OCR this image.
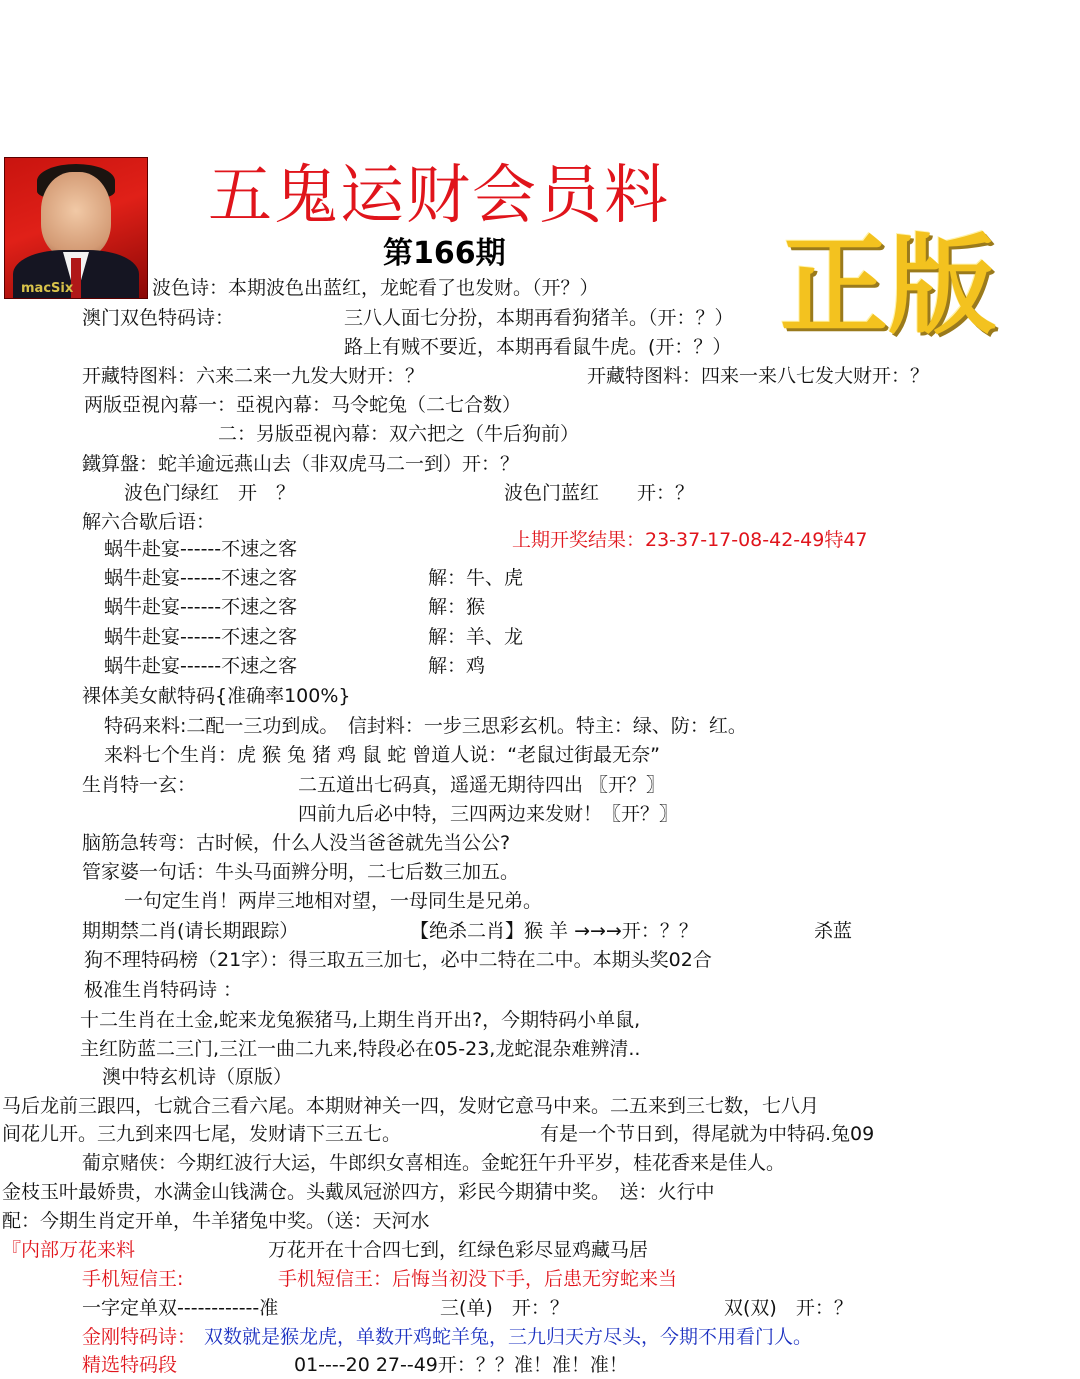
macSix
五鬼运财会员料
第166期	正版
波色诗：本期波色出蓝红，龙蛇看了也发财。（开？）
澳门双色特码诗：	三八人面七分扮，本期再看狗猪羊。（开：？）
路上有贼不要近，本期再看鼠牛虎。(开：？）
开藏特图料：六来二来一九发大财开：？	开藏特图料：四来一来八七发大财开：？
两版亞視內幕一：亞視內幕：马令蛇兔（二七合数）
二：另版亞視內幕：双六把之（牛后狗前）
鐵算盤：蛇羊逾远燕山去（非双虎马二一到）开：？
波色门绿红　开　？	波色门蓝红　　开：？
解六合歇后语：
上期开奖结果：23-37-17-08-42-49特47
蜗牛赴宴------不速之客
蜗牛赴宴------不速之客	解：牛、虎
蜗牛赴宴------不速之客	解：猴
蜗牛赴宴------不速之客	解：羊、龙
蜗牛赴宴------不速之客	解：鸡
裸体美女献特码{准确率100%}
特码来料:二配一三功到成。　信封料：一步三思彩玄机。特主：绿、防：红。
来料七个生肖：虎 猴 兔 猪 鸡 鼠 蛇 曾道人说：“老鼠过街最无奈”
生肖特一玄：	二五道出七码真，遥遥无期待四出 〖开？〗
四前九后必中特，三四两边来发财！〖开？〗
脑筋急转弯：古时候，什么人没当爸爸就先当公公?
管家婆一句话：牛头马面辨分明，二七后数三加五。
一句定生肖！两岸三地相对望，一母同生是兄弟。
期期禁二肖(请长期跟踪）	【绝杀二肖】猴 羊 →→→开：？？	杀蓝
狗不理特码榜（21字）：得三取五三加七，必中二特在二中。本期头奖02合
极准生肖特码诗 ：
十二生肖在土金,蛇来龙兔猴猪马,上期生肖开出?，今期特码小单鼠,
主红防蓝二三门,三江一曲二九来,特段必在05-23,龙蛇混杂难辨清..
澳中特玄机诗（原版）
马后龙前三跟四，七就合三看六尾。本期财神关一四，发财它意马中来。二五来到三七数，七八月
间花儿开。三九到来四七尾，发财请下三五七。	有是一个节日到，得尾就为中特码.兔09
葡京赌侠：今期红波行大运，牛郎织女喜相连。金蛇狂午升平岁，桂花香来是佳人。
金枝玉叶最娇贵，水满金山钱满仓。头戴凤冠淤四方，彩民今期猜中奖。　送：火行中
配：今期生肖定开单，牛羊猪兔中奖。（送：天河水
『内部万花来料	万花开在十合四七到，红绿色彩尽显鸡藏马居
手机短信王:	手机短信王：后悔当初没下手，后患无穷蛇来当
一字定单双------------准	三(单)　开：？	双(双)　开：？
金刚特码诗： 双数就是猴龙虎，单数开鸡蛇羊兔，三九归天方尽头，今期不用看门人。
精选特码段	01----20 27--49开：？？准！准！准！
